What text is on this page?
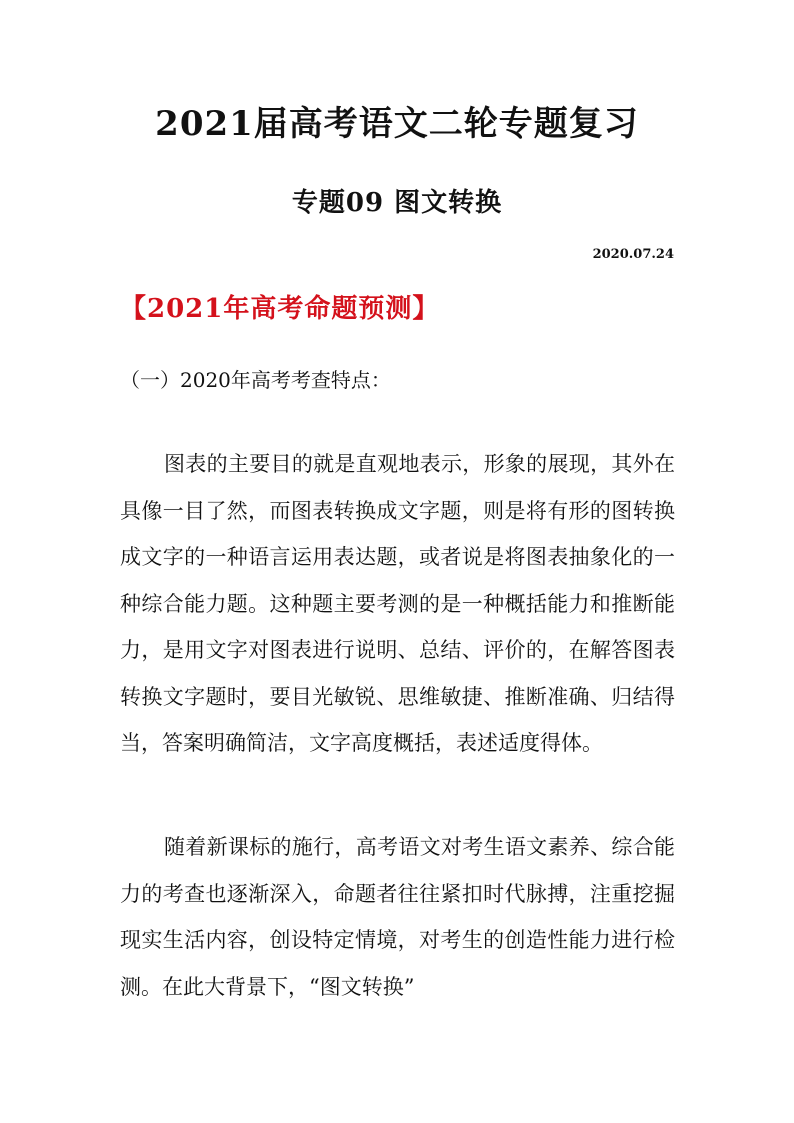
2021届高考语文二轮专题复习
专题09 图文转换
2020.07.24
【2021年高考命题预测】
（一）2020年高考考查特点：

图表的主要目的就是直观地表示，形象的展现，其外在具像一目了然，而图表转换成文字题，则是将有形的图转换成文字的一种语言运用表达题，或者说是将图表抽象化的一种综合能力题。这种题主要考测的是一种概括能力和推断能力，是用文字对图表进行说明、总结、评价的，在解答图表转换文字题时，要目光敏锐、思维敏捷、推断准确、归结得当，答案明确简洁，文字高度概括，表述适度得体。

随着新课标的施行，高考语文对考生语文素养、综合能力的考查也逐渐深入，命题者往往紧扣时代脉搏，注重挖掘现实生活内容，创设特定情境，对考生的创造性能力进行检测。在此大背景下，“图文转换”
